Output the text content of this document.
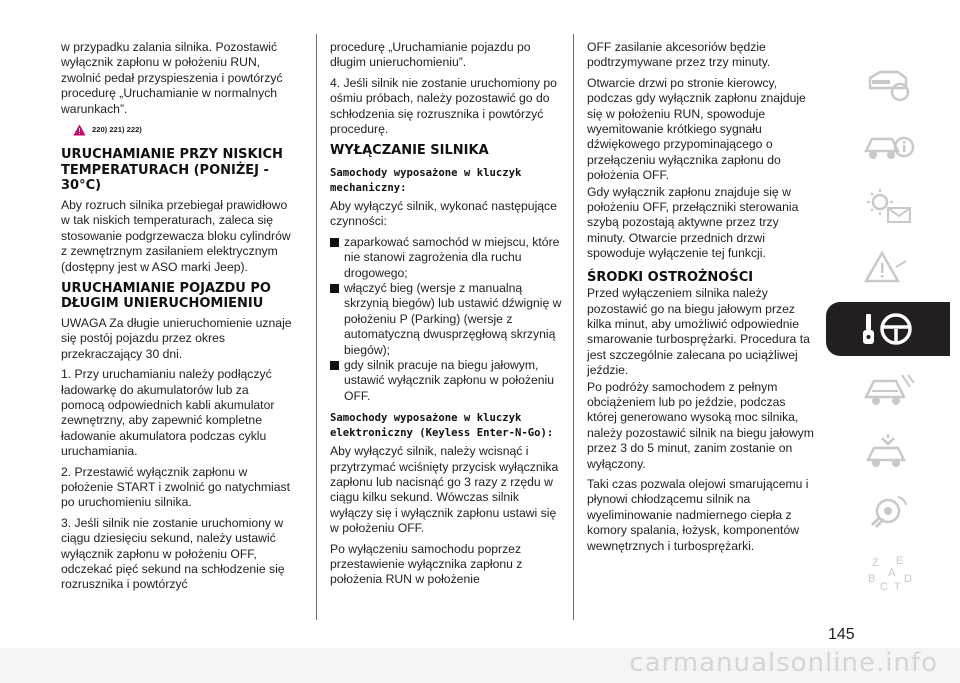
w przypadku zalania silnika. Pozostawić wyłącznik zapłonu w położeniu RUN, zwolnić pedał przyspieszenia i powtórzyć procedurę „Uruchamianie w normalnych warunkach”.

220) 221) 222)
URUCHAMIANIE PRZY NISKICH TEMPERATURACH (PONIŻEJ - 30°C)

Aby rozruch silnika przebiegał prawidłowo w tak niskich temperaturach, zaleca się stosowanie podgrzewacza bloku cylindrów z zewnętrznym zasilaniem elektrycznym (dostępny jest w ASO marki Jeep).

URUCHAMIANIE POJAZDU PO DŁUGIM UNIERUCHOMIENIU

UWAGA Za długie unieruchomienie uznaje się postój pojazdu przez okres przekraczający 30 dni.

1. Przy uruchamianiu należy podłączyć ładowarkę do akumulatorów lub za pomocą odpowiednich kabli akumulator zewnętrzny, aby zapewnić kompletne ładowanie akumulatora podczas cyklu uruchamiania.

2. Przestawić wyłącznik zapłonu w położenie START i zwolnić go natychmiast po uruchomieniu silnika.

3. Jeśli silnik nie zostanie uruchomiony w ciągu dziesięciu sekund, należy ustawić wyłącznik zapłonu w położeniu OFF, odczekać pięć sekund na schłodzenie się rozrusznika i powtórzyć

procedurę „Uruchamianie pojazdu po długim unieruchomieniu”.

4. Jeśli silnik nie zostanie uruchomiony po ośmiu próbach, należy pozostawić go do schłodzenia się rozrusznika i powtórzyć procedurę.

WYŁĄCZANIE SILNIKA
Samochody wyposażone w kluczyk mechaniczny:

Aby wyłączyć silnik, wykonać następujące czynności:

zaparkować samochód w miejscu, które nie stanowi zagrożenia dla ruchu drogowego;
włączyć bieg (wersje z manualną skrzynią biegów) lub ustawić dźwignię w położeniu P (Parking) (wersje z automatyczną dwusprzęgłową skrzynią biegów);
gdy silnik pracuje na biegu jałowym, ustawić wyłącznik zapłonu w położeniu OFF.
Samochody wyposażone w kluczyk elektroniczny (Keyless Enter-N-Go):

Aby wyłączyć silnik, należy wcisnąć i przytrzymać wciśnięty przycisk wyłącznika zapłonu lub nacisnąć go 3 razy z rzędu w ciągu kilku sekund. Wówczas silnik wyłączy się i wyłącznik zapłonu ustawi się w położeniu OFF.

Po wyłączeniu samochodu poprzez przestawienie wyłącznika zapłonu z położenia RUN w położenie

OFF zasilanie akcesoriów będzie podtrzymywane przez trzy minuty.

Otwarcie drzwi po stronie kierowcy, podczas gdy wyłącznik zapłonu znajduje się w położeniu RUN, spowoduje wyemitowanie krótkiego sygnału dźwiękowego przypominającego o przełączeniu wyłącznika zapłonu do położenia OFF.

Gdy wyłącznik zapłonu znajduje się w położeniu OFF, przełączniki sterowania szybą pozostają aktywne przez trzy minuty. Otwarcie przednich drzwi spowoduje wyłączenie tej funkcji.

ŚRODKI OSTROŻNOŚCI

Przed wyłączeniem silnika należy pozostawić go na biegu jałowym przez kilka minut, aby umożliwić odpowiednie smarowanie turbosprężarki. Procedura ta jest szczególnie zalecana po uciążliwej jeździe.

Po podróży samochodem z pełnym obciążeniem lub po jeździe, podczas której generowano wysoką moc silnika, należy pozostawić silnik na biegu jałowym przez 3 do 5 minut, zanim zostanie on wyłączony.

Taki czas pozwala olejowi smarującemu i płynowi chłodzącemu silnik na wyeliminowanie nadmiernego ciepła z komory spalania, łożysk, komponentów wewnętrznych i turbosprężarki.

Z E
B A
C T
D
145
carmanualsonline.info
